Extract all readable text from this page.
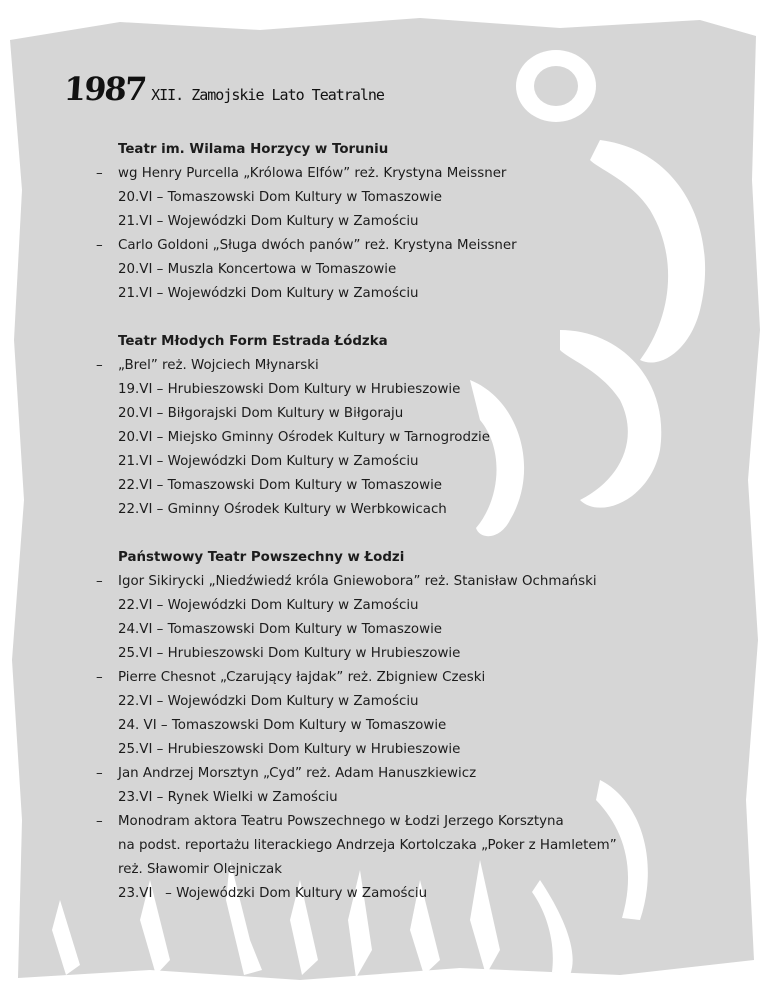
1987 XII. Zamojskie Lato Teatralne
Teatr im. Wilama Horzycy w Toruniu
– wg Henry Purcella „Królowa Elfów” reż. Krystyna Meissner
20.VI – Tomaszowski Dom Kultury w Tomaszowie
21.VI – Wojewódzki Dom Kultury w Zamościu
– Carlo Goldoni „Sługa dwóch panów” reż. Krystyna Meissner
20.VI – Muszla Koncertowa w Tomaszowie
21.VI – Wojewódzki Dom Kultury w Zamościu
Teatr Młodych Form Estrada Łódzka
– „Brel” reż. Wojciech Młynarski
19.VI – Hrubieszowski Dom Kultury w Hrubieszowie
20.VI – Biłgorajski Dom Kultury w Biłgoraju
20.VI – Miejsko Gminny Ośrodek Kultury w Tarnogrodzie
21.VI – Wojewódzki Dom Kultury w Zamościu
22.VI – Tomaszowski Dom Kultury w Tomaszowie
22.VI – Gminny Ośrodek Kultury w Werbkowicach
Państwowy Teatr Powszechny w Łodzi
– Igor Sikirycki „Niedźwiedź króla Gniewobora” reż. Stanisław Ochmański
22.VI – Wojewódzki Dom Kultury w Zamościu
24.VI – Tomaszowski Dom Kultury w Tomaszowie
25.VI – Hrubieszowski Dom Kultury w Hrubieszowie
– Pierre Chesnot „Czarujący łajdak” reż. Zbigniew Czeski
22.VI – Wojewódzki Dom Kultury w Zamościu
24. VI – Tomaszowski Dom Kultury w Tomaszowie
25.VI – Hrubieszowski Dom Kultury w Hrubieszowie
– Jan Andrzej Morsztyn „Cyd” reż. Adam Hanuszkiewicz
23.VI – Rynek Wielki w Zamościu
– Monodram aktora Teatru Powszechnego w Łodzi Jerzego Korsztyna
na podst. reportażu literackiego Andrzeja Kortolczaka „Poker z Hamletem”
reż. Sławomir Olejniczak
23.VI   – Wojewódzki Dom Kultury w Zamościu
